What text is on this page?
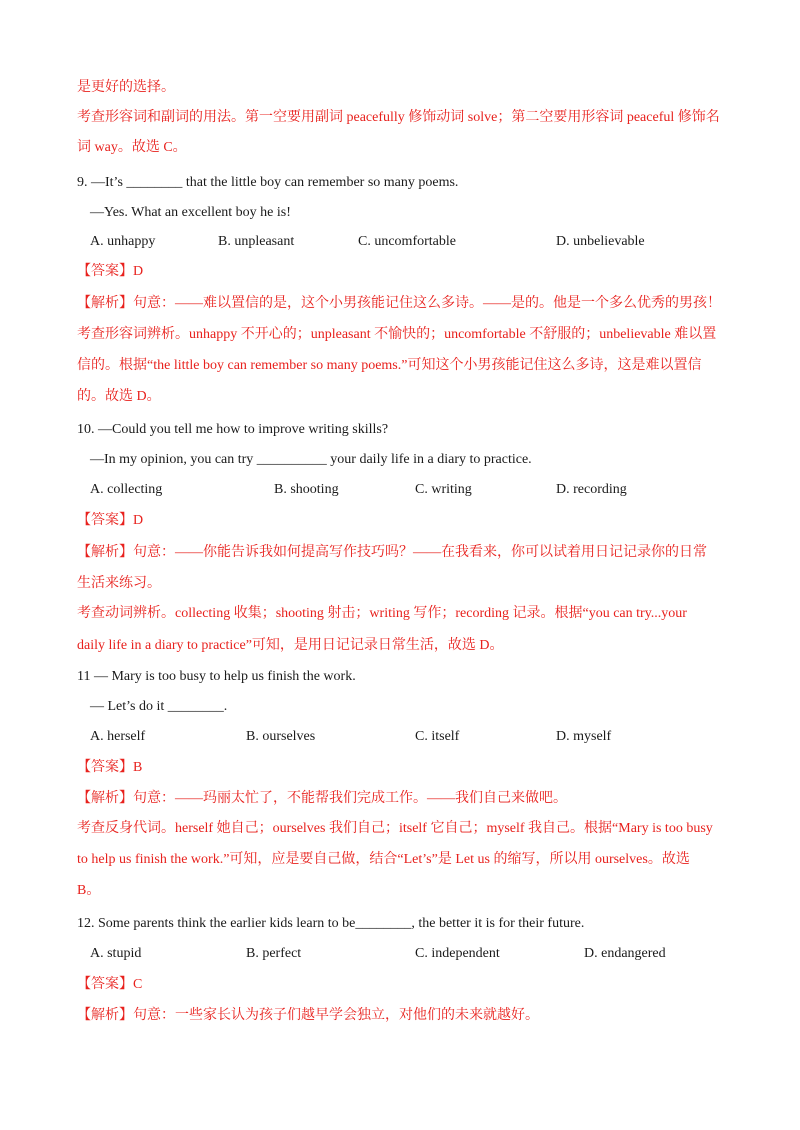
是更好的选择。
考查形容词和副词的用法。第一空要用副词 peacefully 修饰动词 solve；第二空要用形容词 peaceful 修饰名
词 way。故选 C。
9. —It’s ________ that the little boy can remember so many poems.
—Yes. What an excellent boy he is!
A. unhappy	B. unpleasant	C. uncomfortable	D. unbelievable
【答案】D
【解析】句意：——难以置信的是，这个小男孩能记住这么多诗。——是的。他是一个多么优秀的男孩！
考查形容词辨析。unhappy 不开心的；unpleasant 不愉快的；uncomfortable 不舒服的；unbelievable 难以置
信的。根据“the little boy can remember so many poems.”可知这个小男孩能记住这么多诗，这是难以置信
的。故选 D。
10. —Could you tell me how to improve writing skills?
—In my opinion, you can try __________ your daily life in a diary to practice.
A. collecting	B. shooting	C. writing	D. recording
【答案】D
【解析】句意：——你能告诉我如何提高写作技巧吗？——在我看来，你可以试着用日记记录你的日常
生活来练习。
考查动词辨析。collecting 收集；shooting 射击；writing 写作；recording 记录。根据“you can try...your
daily life in a diary to practice”可知，是用日记记录日常生活，故选 D。
11 — Mary is too busy to help us finish the work.
— Let’s do it ________.
A. herself	B. ourselves	C. itself	D. myself
【答案】B
【解析】句意：——玛丽太忙了，不能帮我们完成工作。——我们自己来做吧。
考查反身代词。herself 她自己；ourselves 我们自己；itself 它自己；myself 我自己。根据“Mary is too busy
to help us finish the work.”可知，应是要自己做，结合“Let’s”是 Let us 的缩写，所以用 ourselves。故选
B。
12. Some parents think the earlier kids learn to be________, the better it is for their future.
A. stupid	B. perfect	C. independent	D. endangered
【答案】C
【解析】句意：一些家长认为孩子们越早学会独立，对他们的未来就越好。
